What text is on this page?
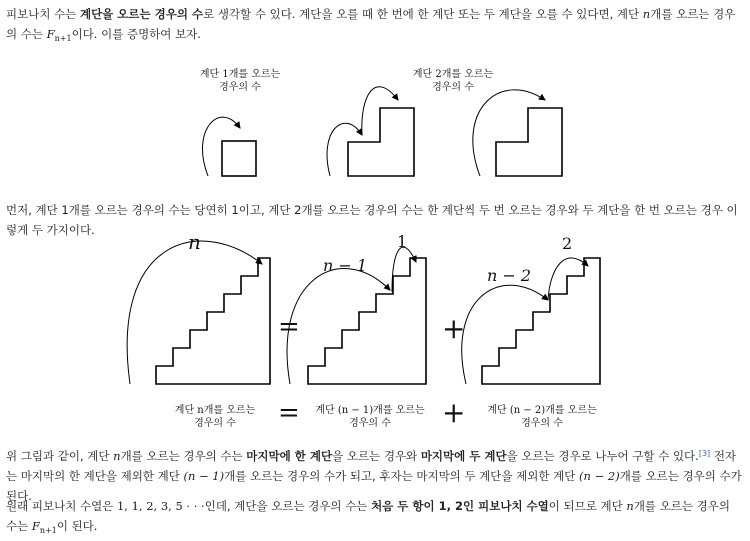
피보나치 수는 계단을 오르는 경우의 수로 생각할 수 있다. 계단을 오를 때 한 번에 한 계단 또는 두 계단을 오를 수 있다면, 계단 n개를 오르는 경우의 수는 $F_{n+1}$이다. 이를 증명하여 보자.

계단 1개를 오르는
경우의 수
계단 2개를 오르는
경우의 수

먼저, 계단 1개를 오르는 경우의 수는 당연히 1이고, 계단 2개를 오르는 경우의 수는 한 계단씩 두 번 오르는 경우와 두 계단을 한 번 오르는 경우 이렇게 두 가지이다.	n
n − 1
1
n − 2
2
=	+
계단 n개를 오르는
경우의 수	=	계단 (n − 1)개를 오르는
경우의 수	+	계단 (n − 2)개를 오르는
경우의 수

위 그림과 같이, 계단 n개를 오르는 경우의 수는 마지막에 한 계단을 오르는 경우와 마지막에 두 계단을 오르는 경우로 나누어 구할 수 있다.[3] 전자는 마지막의 한 계단을 제외한 계단 (n − 1)개를 오르는 경우의 수가 되고, 후자는 마지막의 두 계단을 제외한 계단 (n − 2)개를 오르는 경우의 수가 된다.

원래 피보나치 수열은 1, 1, 2, 3, 5 · · ·인데, 계단을 오르는 경우의 수는 처음 두 항이 1, 2인 피보나치 수열이 되므로 계단 n개를 오르는 경우의 수는 $F_{n+1}$이 된다.
